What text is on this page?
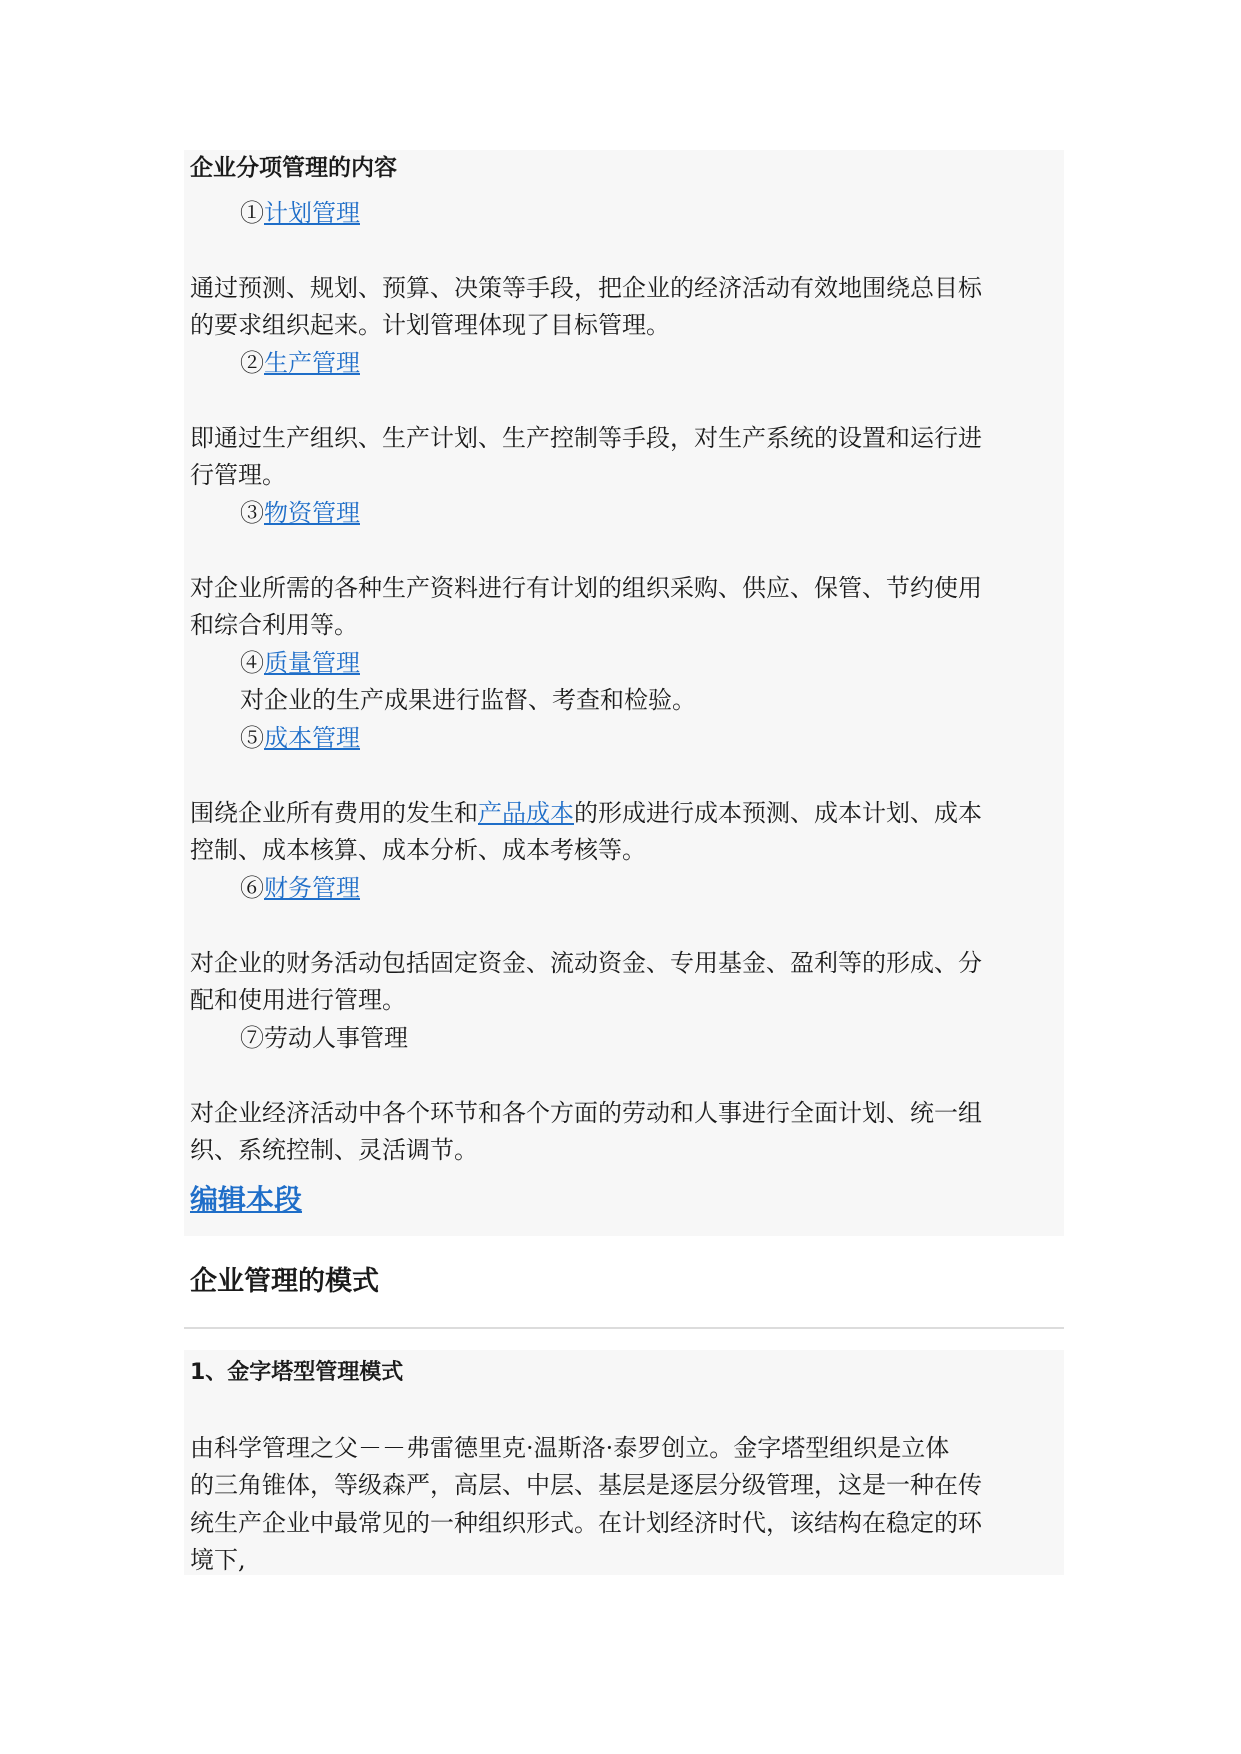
企业分项管理的内容
①计划管理
通过预测、规划、预算、决策等手段，把企业的经济活动有效地围绕总目标
的要求组织起来。计划管理体现了目标管理。
②生产管理
即通过生产组织、生产计划、生产控制等手段，对生产系统的设置和运行进
行管理。
③物资管理
对企业所需的各种生产资料进行有计划的组织采购、供应、保管、节约使用
和综合利用等。
④质量管理
对企业的生产成果进行监督、考查和检验。
⑤成本管理
围绕企业所有费用的发生和产品成本的形成进行成本预测、成本计划、成本
控制、成本核算、成本分析、成本考核等。
⑥财务管理
对企业的财务活动包括固定资金、流动资金、专用基金、盈利等的形成、分
配和使用进行管理。
⑦劳动人事管理
对企业经济活动中各个环节和各个方面的劳动和人事进行全面计划、统一组
织、系统控制、灵活调节。
编辑本段
企业管理的模式
1、金字塔型管理模式
由科学管理之父－－弗雷德里克·温斯洛·泰罗创立。金字塔型组织是立体
的三角锥体，等级森严，高层、中层、基层是逐层分级管理，这是一种在传
统生产企业中最常见的一种组织形式。在计划经济时代，该结构在稳定的环
境下,
